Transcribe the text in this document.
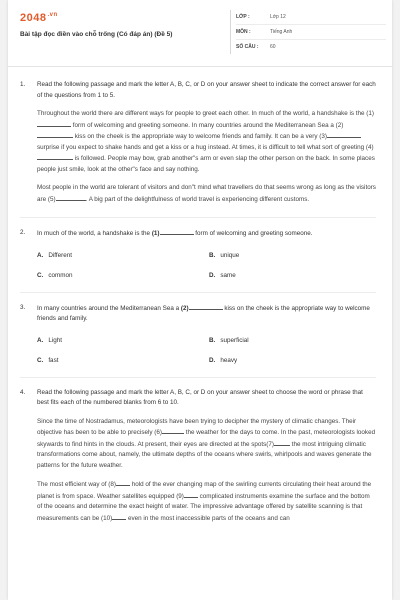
$2048^{.vn}$
Bài tập đọc điền vào chỗ trống (Có đáp án) (Đề 5)
LỚP :	Lớp 12
MÔN :	Tiếng Anh
SỐ CÂU :	60
1.	Read the following passage and mark the letter A, B, C, or D on your answer sheet to indicate the correct answer for each of the questions from 1 to 5.
Throughout the world there are different ways for people to greet each other. In much of the world, a handshake is the (1) form of welcoming and greeting someone. In many countries around the Mediterranean Sea a (2) kiss on the cheek is the appropriate way to welcome friends and family. It can be a very (3) surprise if you expect to shake hands and get a kiss or a hug instead. At times, it is difficult to tell what sort of greeting (4) is followed. People may bow, grab another"s arm or even slap the other person on the back. In some places people just smile, look at the other"s face and say nothing.
Most people in the world are tolerant of visitors and don"t mind what travellers do that seems wrong as long as the visitors are (5)	. A big part of the delightfulness of world travel is experiencing different customs.
2.	In much of the world, a handshake is the (1)	form of welcoming and greeting someone.
A. Different	B. unique
C. common	D. same
3.	In many countries around the Mediterranean Sea a (2)	kiss on the cheek is the appropriate way to welcome friends and family.
A. Light	B. superficial
C. fast	D. heavy
4.	Read the following passage and mark the letter A, B, C, or D on your answer sheet to choose the word or phrase that best fits each of the numbered blanks from 6 to 10.
Since the time of Nostradamus, meteorologists have been trying to decipher the mystery of climatic changes. Their objective has been to be able to precisely (6)	the weather for the days to come. In the past, meteorologists looked skywards to find hints in the clouds. At present, their eyes are directed at the spots(7)	the most intriguing climatic transformations come about, namely, the ultimate depths of the oceans where swirls, whirlpools and waves generate the patterns for the future weather.
The most efficient way of (8) hold of the ever changing map of the swirling currents circulating their heat around the planet is from space. Weather satellites equipped (9) complicated instruments examine the surface and the bottom of the oceans and determine the exact height of water. The impressive advantage offered by satellite scanning is that measurements can be (10) even in the most inaccessible parts of the oceans and can
